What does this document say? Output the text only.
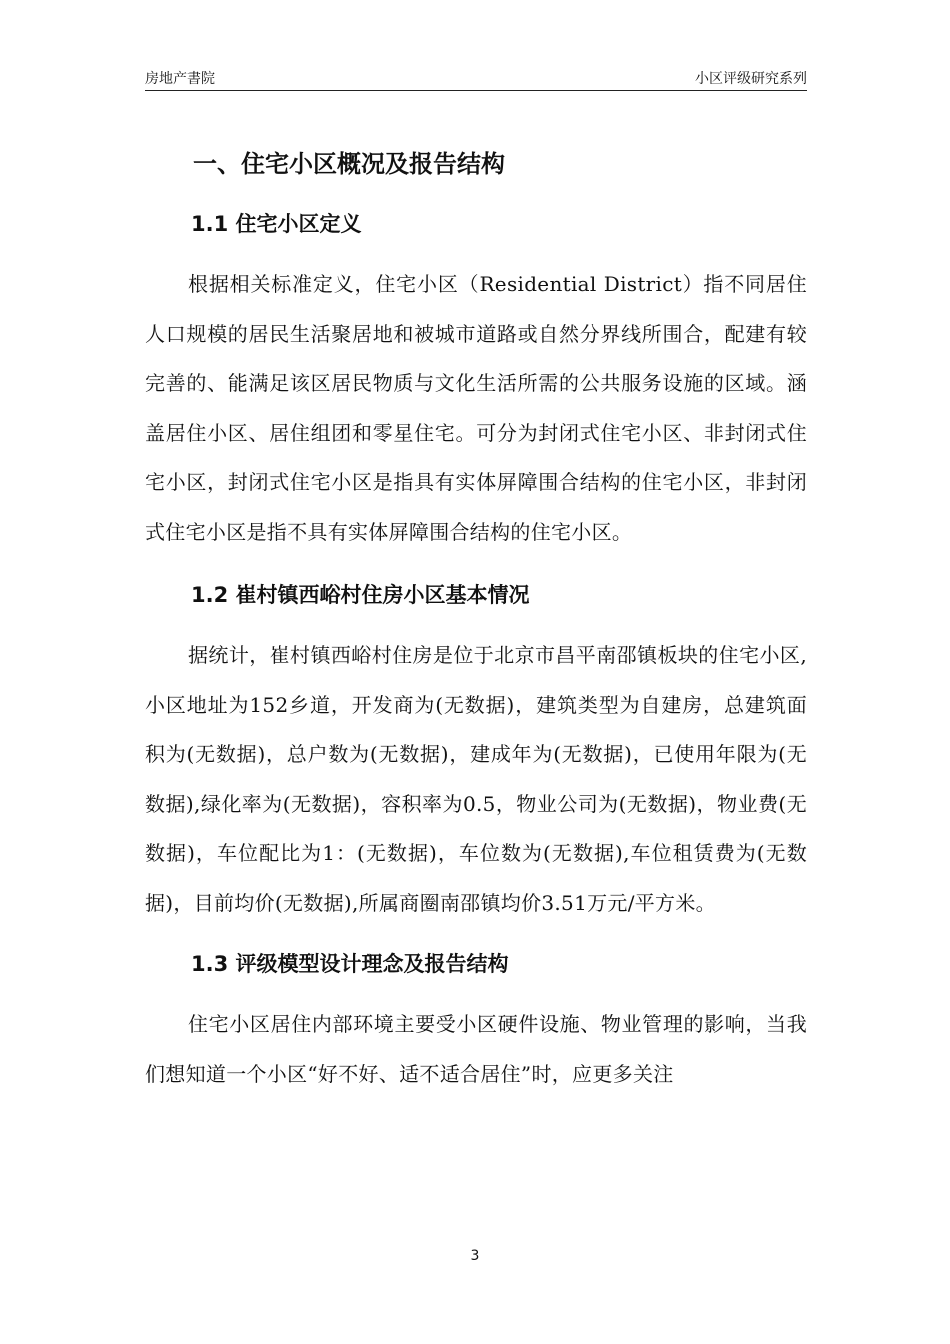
房地产書院	小区评级研究系列
一、住宅小区概况及报告结构
1.1 住宅小区定义

根据相关标准定义，住宅小区（Residential District）指不同居住人口规模的居民生活聚居地和被城市道路或自然分界线所围合，配建有较完善的、能满足该区居民物质与文化生活所需的公共服务设施的区域。涵盖居住小区、居住组团和零星住宅。可分为封闭式住宅小区、非封闭式住宅小区，封闭式住宅小区是指具有实体屏障围合结构的住宅小区，非封闭式住宅小区是指不具有实体屏障围合结构的住宅小区。

1.2 崔村镇西峪村住房小区基本情况

据统计，崔村镇西峪村住房是位于北京市昌平南邵镇板块的住宅小区,小区地址为152乡道，开发商为(无数据)，建筑类型为自建房，总建筑面积为(无数据)，总户数为(无数据)，建成年为(无数据)，已使用年限为(无数据),绿化率为(无数据)，容积率为0.5，物业公司为(无数据)，物业费(无数据)，车位配比为1：(无数据)，车位数为(无数据),车位租赁费为(无数据)，目前均价(无数据),所属商圈南邵镇均价3.51万元/平方米。

1.3 评级模型设计理念及报告结构

住宅小区居住内部环境主要受小区硬件设施、物业管理的影响，当我们想知道一个小区“好不好、适不适合居住”时，应更多关注

3
